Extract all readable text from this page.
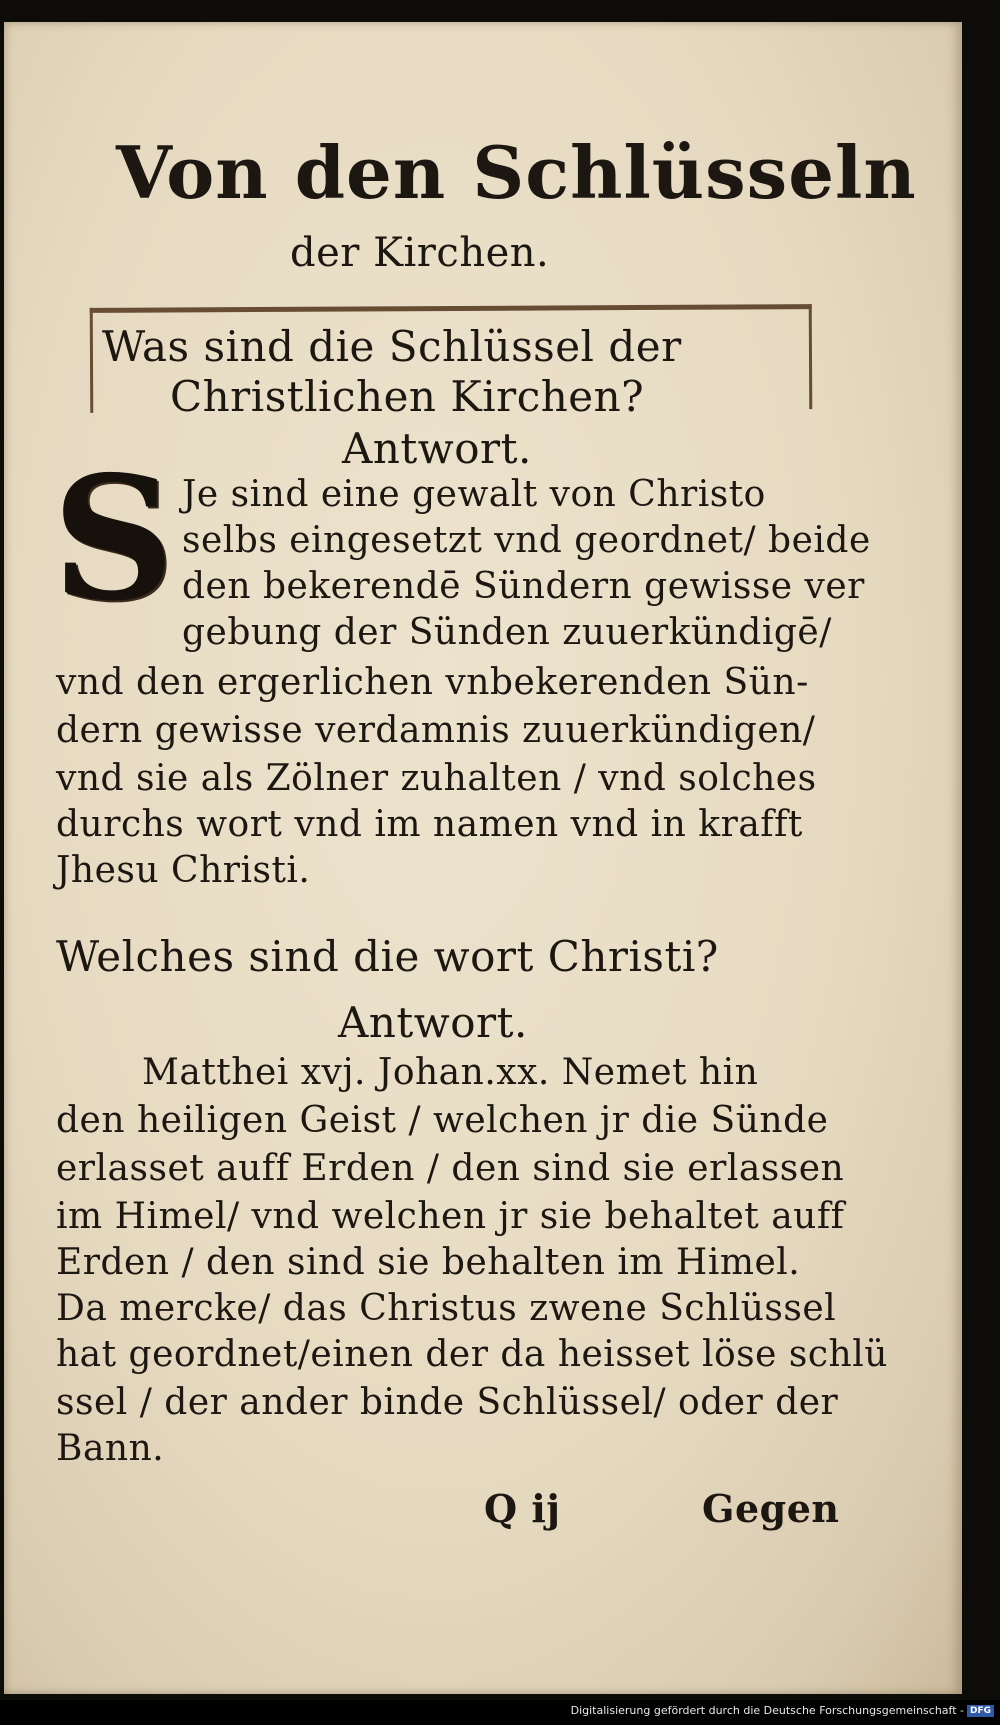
Von den Schlüsseln
der Kirchen.
Was sind die Schlüssel der
Christlichen Kirchen?
Antwort.
S Je sind eine gewalt von Christo
selbs eingesetzt vnd geordnet/ beide
den bekerendē Sündern gewisse ver
gebung der Sünden zuuerkündigē/
vnd den ergerlichen vnbekerenden Sün-
dern gewisse verdamnis zuuerkündigen/
vnd sie als Zölner zuhalten / vnd solches
durchs wort vnd im namen vnd in krafft
Jhesu Christi.
Welches sind die wort Christi?
Antwort.
Matthei xvj. Johan.xx. Nemet hin
den heiligen Geist / welchen jr die Sünde
erlasset auff Erden / den sind sie erlassen
im Himel/ vnd welchen jr sie behaltet auff
Erden / den sind sie behalten im Himel.
Da mercke/ das Christus zwene Schlüssel
hat geordnet/einen der da heisset löse schlü
ssel / der ander binde Schlüssel/ oder der
Bann.
Q ij	Gegen
Digitalisierung gefördert durch die Deutsche Forschungsgemeinschaft - DFG
